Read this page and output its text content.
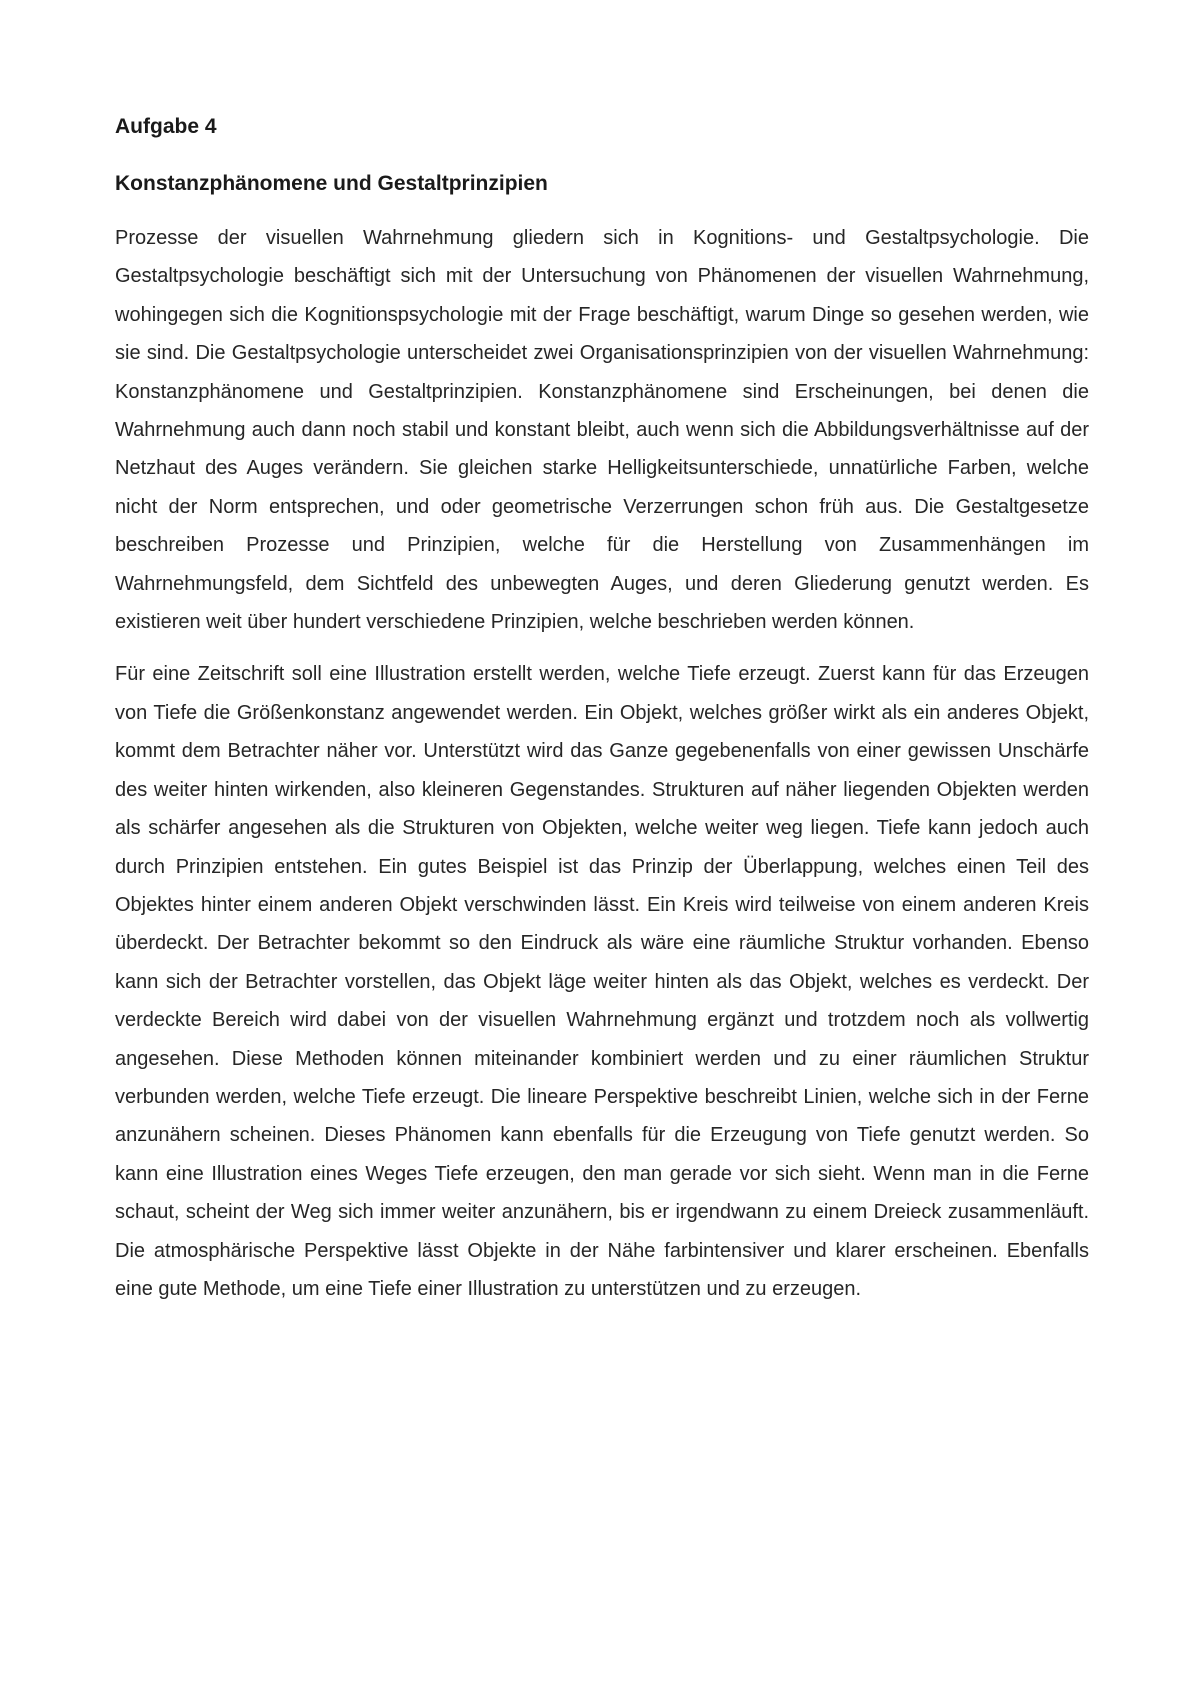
Aufgabe 4
Konstanzphänomene und Gestaltprinzipien

Prozesse der visuellen Wahrnehmung gliedern sich in Kognitions- und Gestaltpsychologie. Die Gestaltpsychologie beschäftigt sich mit der Untersuchung von Phänomenen der visuellen Wahrnehmung, wohingegen sich die Kognitionspsychologie mit der Frage beschäftigt, warum Dinge so gesehen werden, wie sie sind. Die Gestaltpsychologie unterscheidet zwei Organisationsprinzipien von der visuellen Wahrnehmung: Konstanzphänomene und Gestaltprinzipien. Konstanzphänomene sind Erscheinungen, bei denen die Wahrnehmung auch dann noch stabil und konstant bleibt, auch wenn sich die Abbildungsverhältnisse auf der Netzhaut des Auges verändern. Sie gleichen starke Helligkeitsunterschiede, unnatürliche Farben, welche nicht der Norm entsprechen, und oder geometrische Verzerrungen schon früh aus. Die Gestaltgesetze beschreiben Prozesse und Prinzipien, welche für die Herstellung von Zusammenhängen im Wahrnehmungsfeld, dem Sichtfeld des unbewegten Auges, und deren Gliederung genutzt werden. Es existieren weit über hundert verschiedene Prinzipien, welche beschrieben werden können.

Für eine Zeitschrift soll eine Illustration erstellt werden, welche Tiefe erzeugt. Zuerst kann für das Erzeugen von Tiefe die Größenkonstanz angewendet werden. Ein Objekt, welches größer wirkt als ein anderes Objekt, kommt dem Betrachter näher vor. Unterstützt wird das Ganze gegebenenfalls von einer gewissen Unschärfe des weiter hinten wirkenden, also kleineren Gegenstandes. Strukturen auf näher liegenden Objekten werden als schärfer angesehen als die Strukturen von Objekten, welche weiter weg liegen. Tiefe kann jedoch auch durch Prinzipien entstehen. Ein gutes Beispiel ist das Prinzip der Überlappung, welches einen Teil des Objektes hinter einem anderen Objekt verschwinden lässt. Ein Kreis wird teilweise von einem anderen Kreis überdeckt. Der Betrachter bekommt so den Eindruck als wäre eine räumliche Struktur vorhanden. Ebenso kann sich der Betrachter vorstellen, das Objekt läge weiter hinten als das Objekt, welches es verdeckt. Der verdeckte Bereich wird dabei von der visuellen Wahrnehmung ergänzt und trotzdem noch als vollwertig angesehen. Diese Methoden können miteinander kombiniert werden und zu einer räumlichen Struktur verbunden werden, welche Tiefe erzeugt. Die lineare Perspektive beschreibt Linien, welche sich in der Ferne anzunähern scheinen. Dieses Phänomen kann ebenfalls für die Erzeugung von Tiefe genutzt werden. So kann eine Illustration eines Weges Tiefe erzeugen, den man gerade vor sich sieht. Wenn man in die Ferne schaut, scheint der Weg sich immer weiter anzunähern, bis er irgendwann zu einem Dreieck zusammenläuft. Die atmosphärische Perspektive lässt Objekte in der Nähe farbintensiver und klarer erscheinen. Ebenfalls eine gute Methode, um eine Tiefe einer Illustration zu unterstützen und zu erzeugen.
